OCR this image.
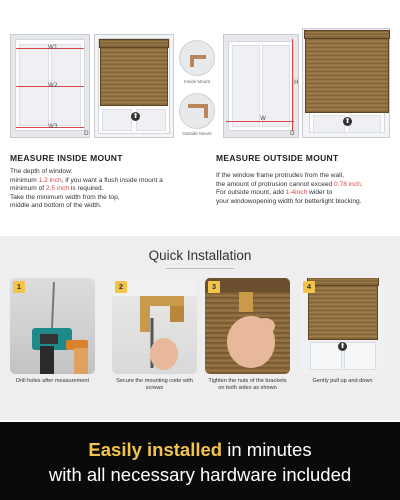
W1
W2
W3
D
⬆
Inside Mount
Outside Mount
H
W
D
⬆
MEASURE INSIDE MOUNT
The depth of window:
minimum 1.2 inch, if you want a flush inside mount a
minimum of 2.5 inch is required.
Take the minimum width from the top,
middle and bottom of the width.
MEASURE OUTSIDE MOUNT
If the window frame protrudes from the wall,
the amount of protrusion cannot exceed 0.78 inch.
For outside mount, add 1-4inch wider to
your windowopening width for betterlight blocking.
Quick Installation
1
Drill holes after measurement
2
Secure the mounting code with screws
3
Tighten the nuts of the brackets on both sides as shown
⬆
4
Gently pull up and down
Easily installed in minutes
with all necessary hardware included
